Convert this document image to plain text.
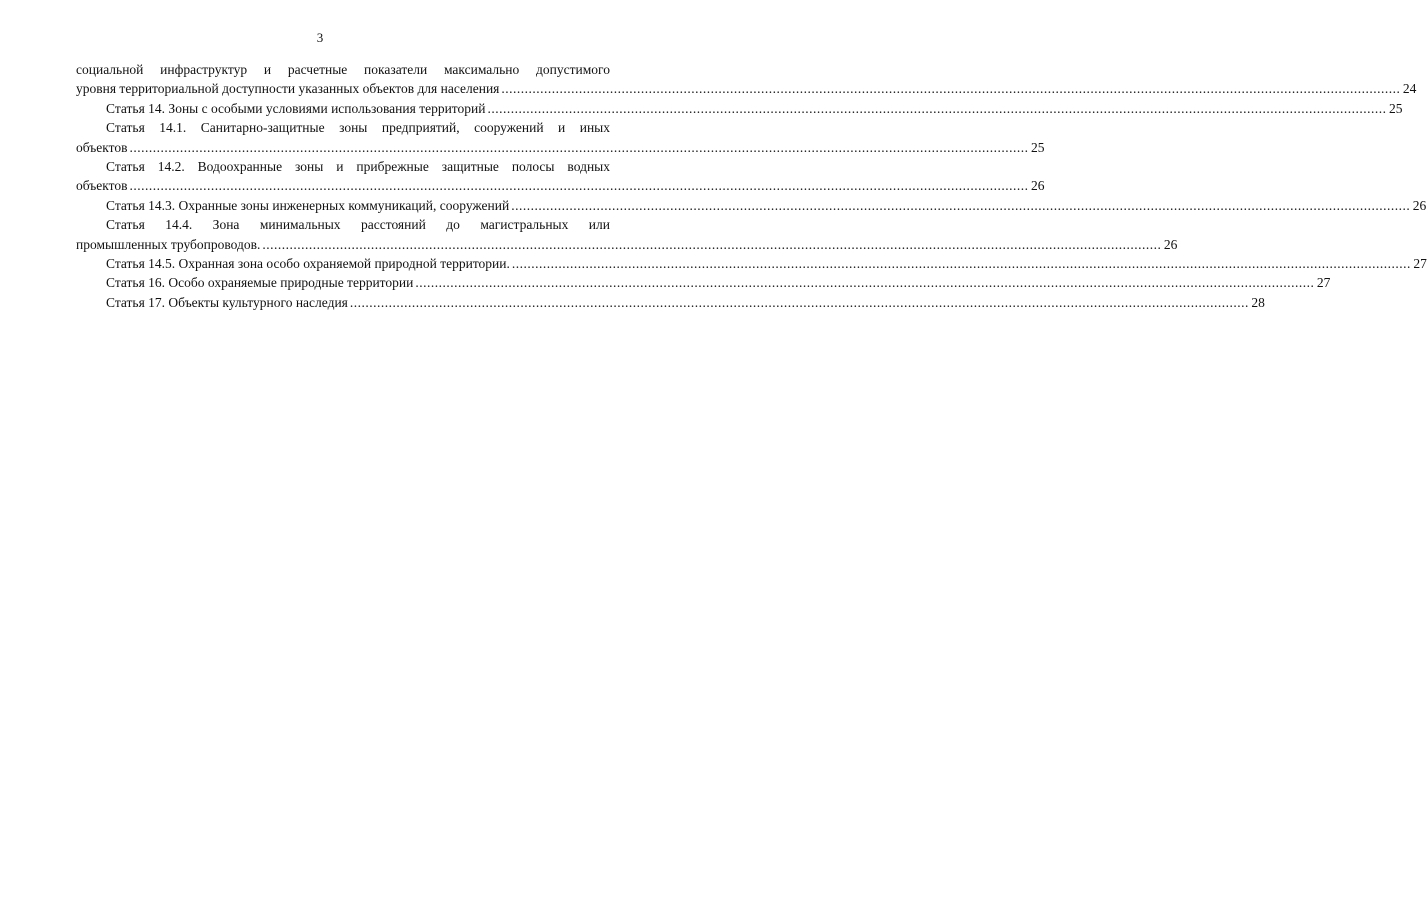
3
социальной инфраструктур и расчетные показатели максимально допустимого
уровня территориальной доступности указанных объектов для населения .....	24
Статья 14. Зоны с особыми условиями использования территорий .....	25
Статья 14.1. Санитарно-защитные зоны предприятий, сооружений и иных
объектов .....	25
Статья 14.2. Водоохранные зоны и прибрежные защитные полосы водных
объектов .....	26
Статья 14.3. Охранные зоны инженерных коммуникаций, сооружений .....	26
Статья 14.4. Зона минимальных расстояний до магистральных или
промышленных трубопроводов. .....	26
Статья 14.5. Охранная зона особо охраняемой природной территории. .....	27
Статья 16. Особо охраняемые природные территории .....	27
Статья 17. Объекты культурного наследия .....	28
